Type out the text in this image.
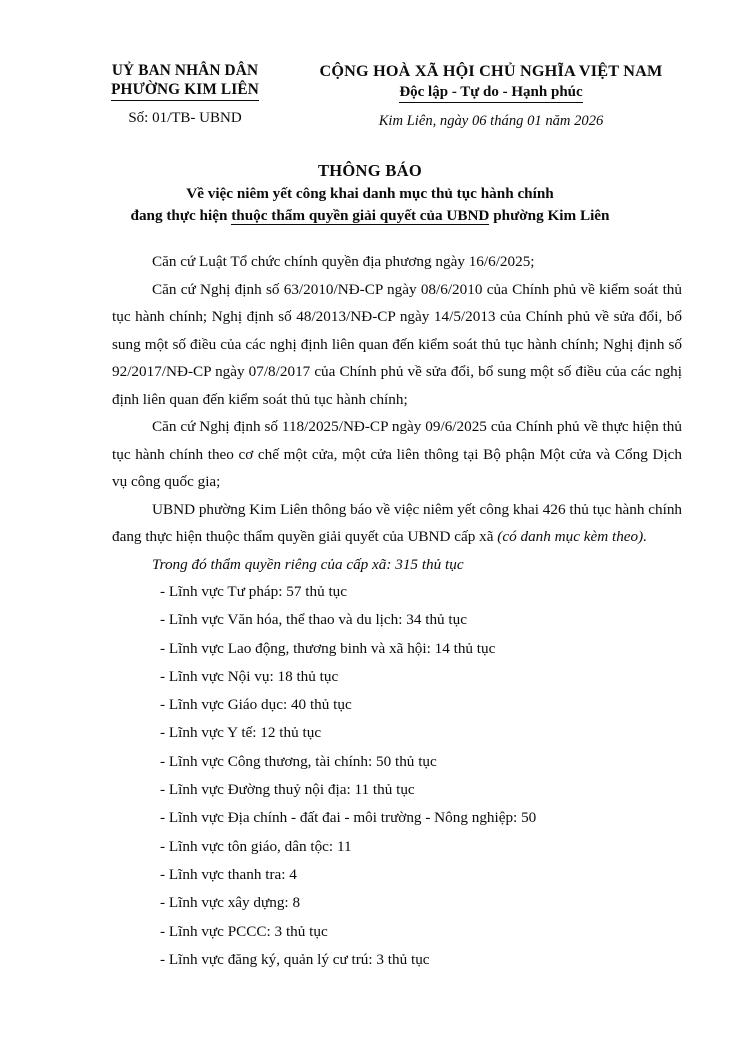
UỶ BAN NHÂN DÂN
PHƯỜNG KIM LIÊN
Số: 01/TB- UBND
CỘNG HOÀ XÃ HỘI CHỦ NGHĨA VIỆT NAM
Độc lập - Tự do - Hạnh phúc
Kim Liên, ngày 06 tháng 01 năm 2026
THÔNG BÁO
Về việc niêm yết công khai danh mục thủ tục hành chính
đang thực hiện thuộc thẩm quyền giải quyết của UBND phường Kim Liên

Căn cứ Luật Tổ chức chính quyền địa phương ngày 16/6/2025;

Căn cứ Nghị định số 63/2010/NĐ-CP ngày 08/6/2010 của Chính phủ về kiểm soát thủ tục hành chính; Nghị định số 48/2013/NĐ-CP ngày 14/5/2013 của Chính phủ về sửa đổi, bổ sung một số điều của các nghị định liên quan đến kiểm soát thủ tục hành chính; Nghị định số 92/2017/NĐ-CP ngày 07/8/2017 của Chính phủ về sửa đổi, bổ sung một số điều của các nghị định liên quan đến kiểm soát thủ tục hành chính;

Căn cứ Nghị định số 118/2025/NĐ-CP ngày 09/6/2025 của Chính phủ về thực hiện thủ tục hành chính theo cơ chế một cửa, một cửa liên thông tại Bộ phận Một cửa và Cổng Dịch vụ công quốc gia;

UBND phường Kim Liên thông báo về việc niêm yết công khai 426 thủ tục hành chính đang thực hiện thuộc thẩm quyền giải quyết của UBND cấp xã (có danh mục kèm theo).

Trong đó thẩm quyền riêng của cấp xã: 315 thủ tục

- Lĩnh vực Tư pháp: 57 thủ tục
- Lĩnh vực Văn hóa, thể thao và du lịch: 34 thủ tục
- Lĩnh vực Lao động, thương binh và xã hội: 14 thủ tục
- Lĩnh vực Nội vụ: 18 thủ tục
- Lĩnh vực Giáo dục: 40 thủ tục
- Lĩnh vực Y tế: 12 thủ tục
- Lĩnh vực Công thương, tài chính: 50 thủ tục
- Lĩnh vực Đường thuỷ nội địa: 11 thủ tục
- Lĩnh vực Địa chính - đất đai - môi trường - Nông nghiệp: 50
- Lĩnh vực tôn giáo, dân tộc: 11
- Lĩnh vực thanh tra: 4
- Lĩnh vực xây dựng: 8
- Lĩnh vực PCCC: 3 thủ tục
- Lĩnh vực đăng ký, quản lý cư trú: 3 thủ tục
